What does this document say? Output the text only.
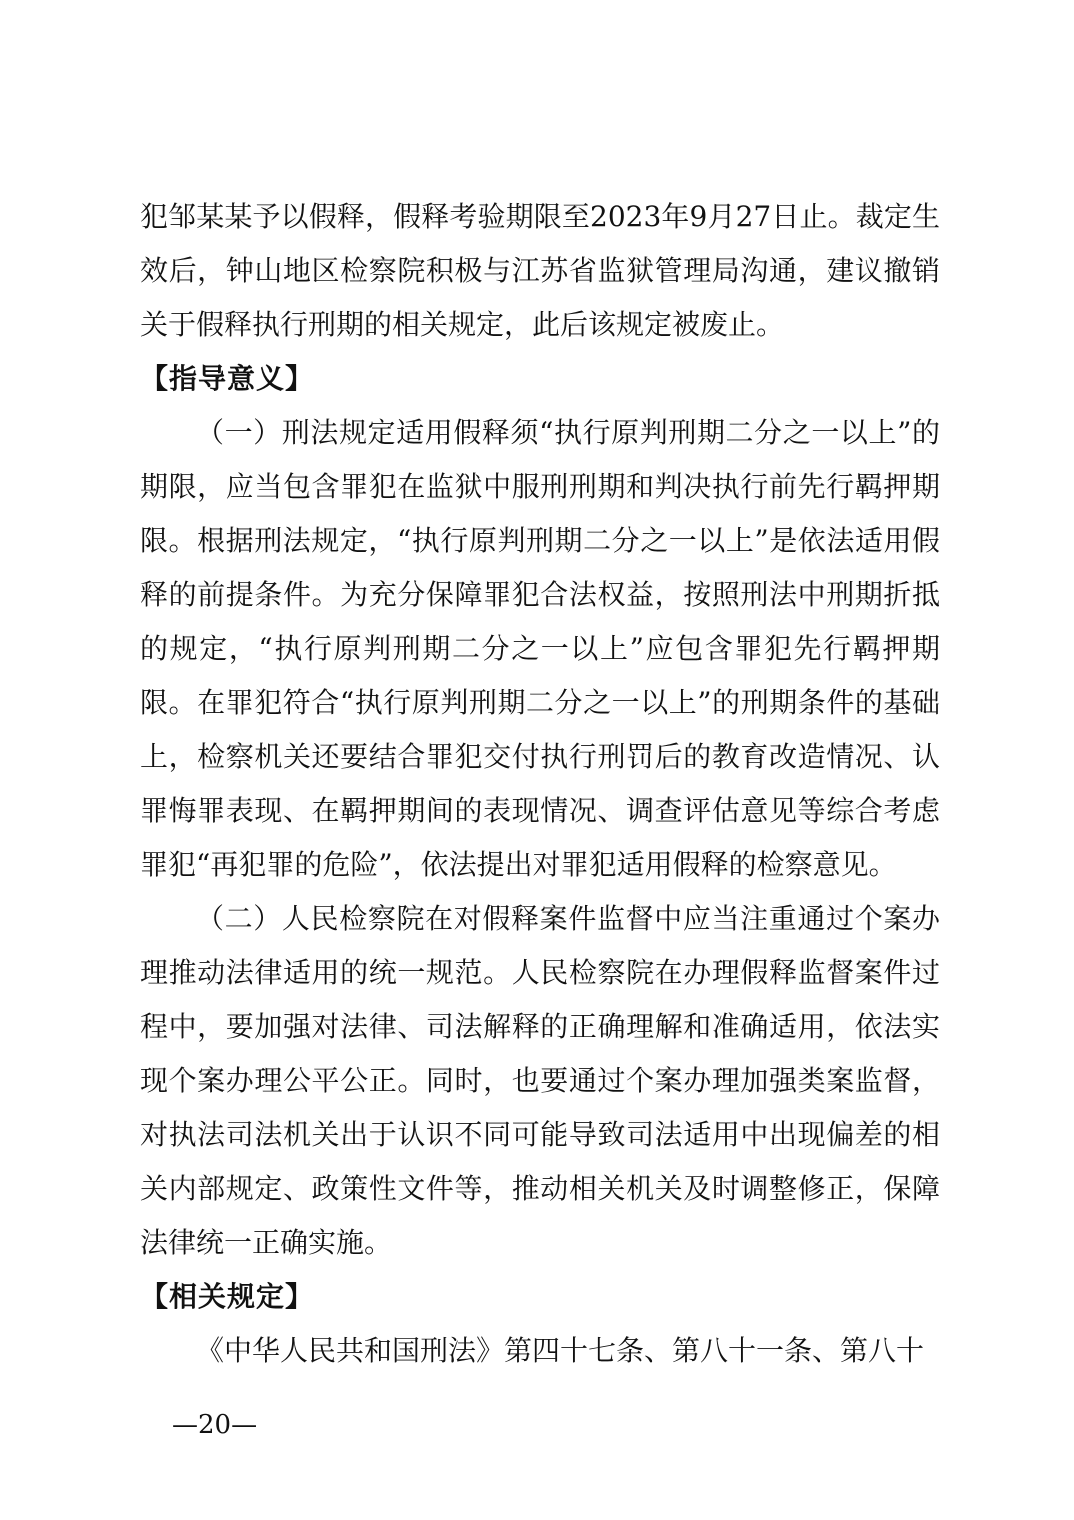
犯邹某某予以假释，假释考验期限至2023年9月27日止。裁定生效后，钟山地区检察院积极与江苏省监狱管理局沟通，建议撤销关于假释执行刑期的相关规定，此后该规定被废止。

【指导意义】

（一）刑法规定适用假释须“执行原判刑期二分之一以上”的期限，应当包含罪犯在监狱中服刑刑期和判决执行前先行羁押期限。根据刑法规定，“执行原判刑期二分之一以上”是依法适用假释的前提条件。为充分保障罪犯合法权益，按照刑法中刑期折抵的规定，“执行原判刑期二分之一以上”应包含罪犯先行羁押期限。在罪犯符合“执行原判刑期二分之一以上”的刑期条件的基础上，检察机关还要结合罪犯交付执行刑罚后的教育改造情况、认罪悔罪表现、在羁押期间的表现情况、调查评估意见等综合考虑罪犯“再犯罪的危险”，依法提出对罪犯适用假释的检察意见。

（二）人民检察院在对假释案件监督中应当注重通过个案办理推动法律适用的统一规范。人民检察院在办理假释监督案件过程中，要加强对法律、司法解释的正确理解和准确适用，依法实现个案办理公平公正。同时，也要通过个案办理加强类案监督，对执法司法机关出于认识不同可能导致司法适用中出现偏差的相关内部规定、政策性文件等，推动相关机关及时调整修正，保障法律统一正确实施。

【相关规定】

《中华人民共和国刑法》第四十七条、第八十一条、第八十

—20—
